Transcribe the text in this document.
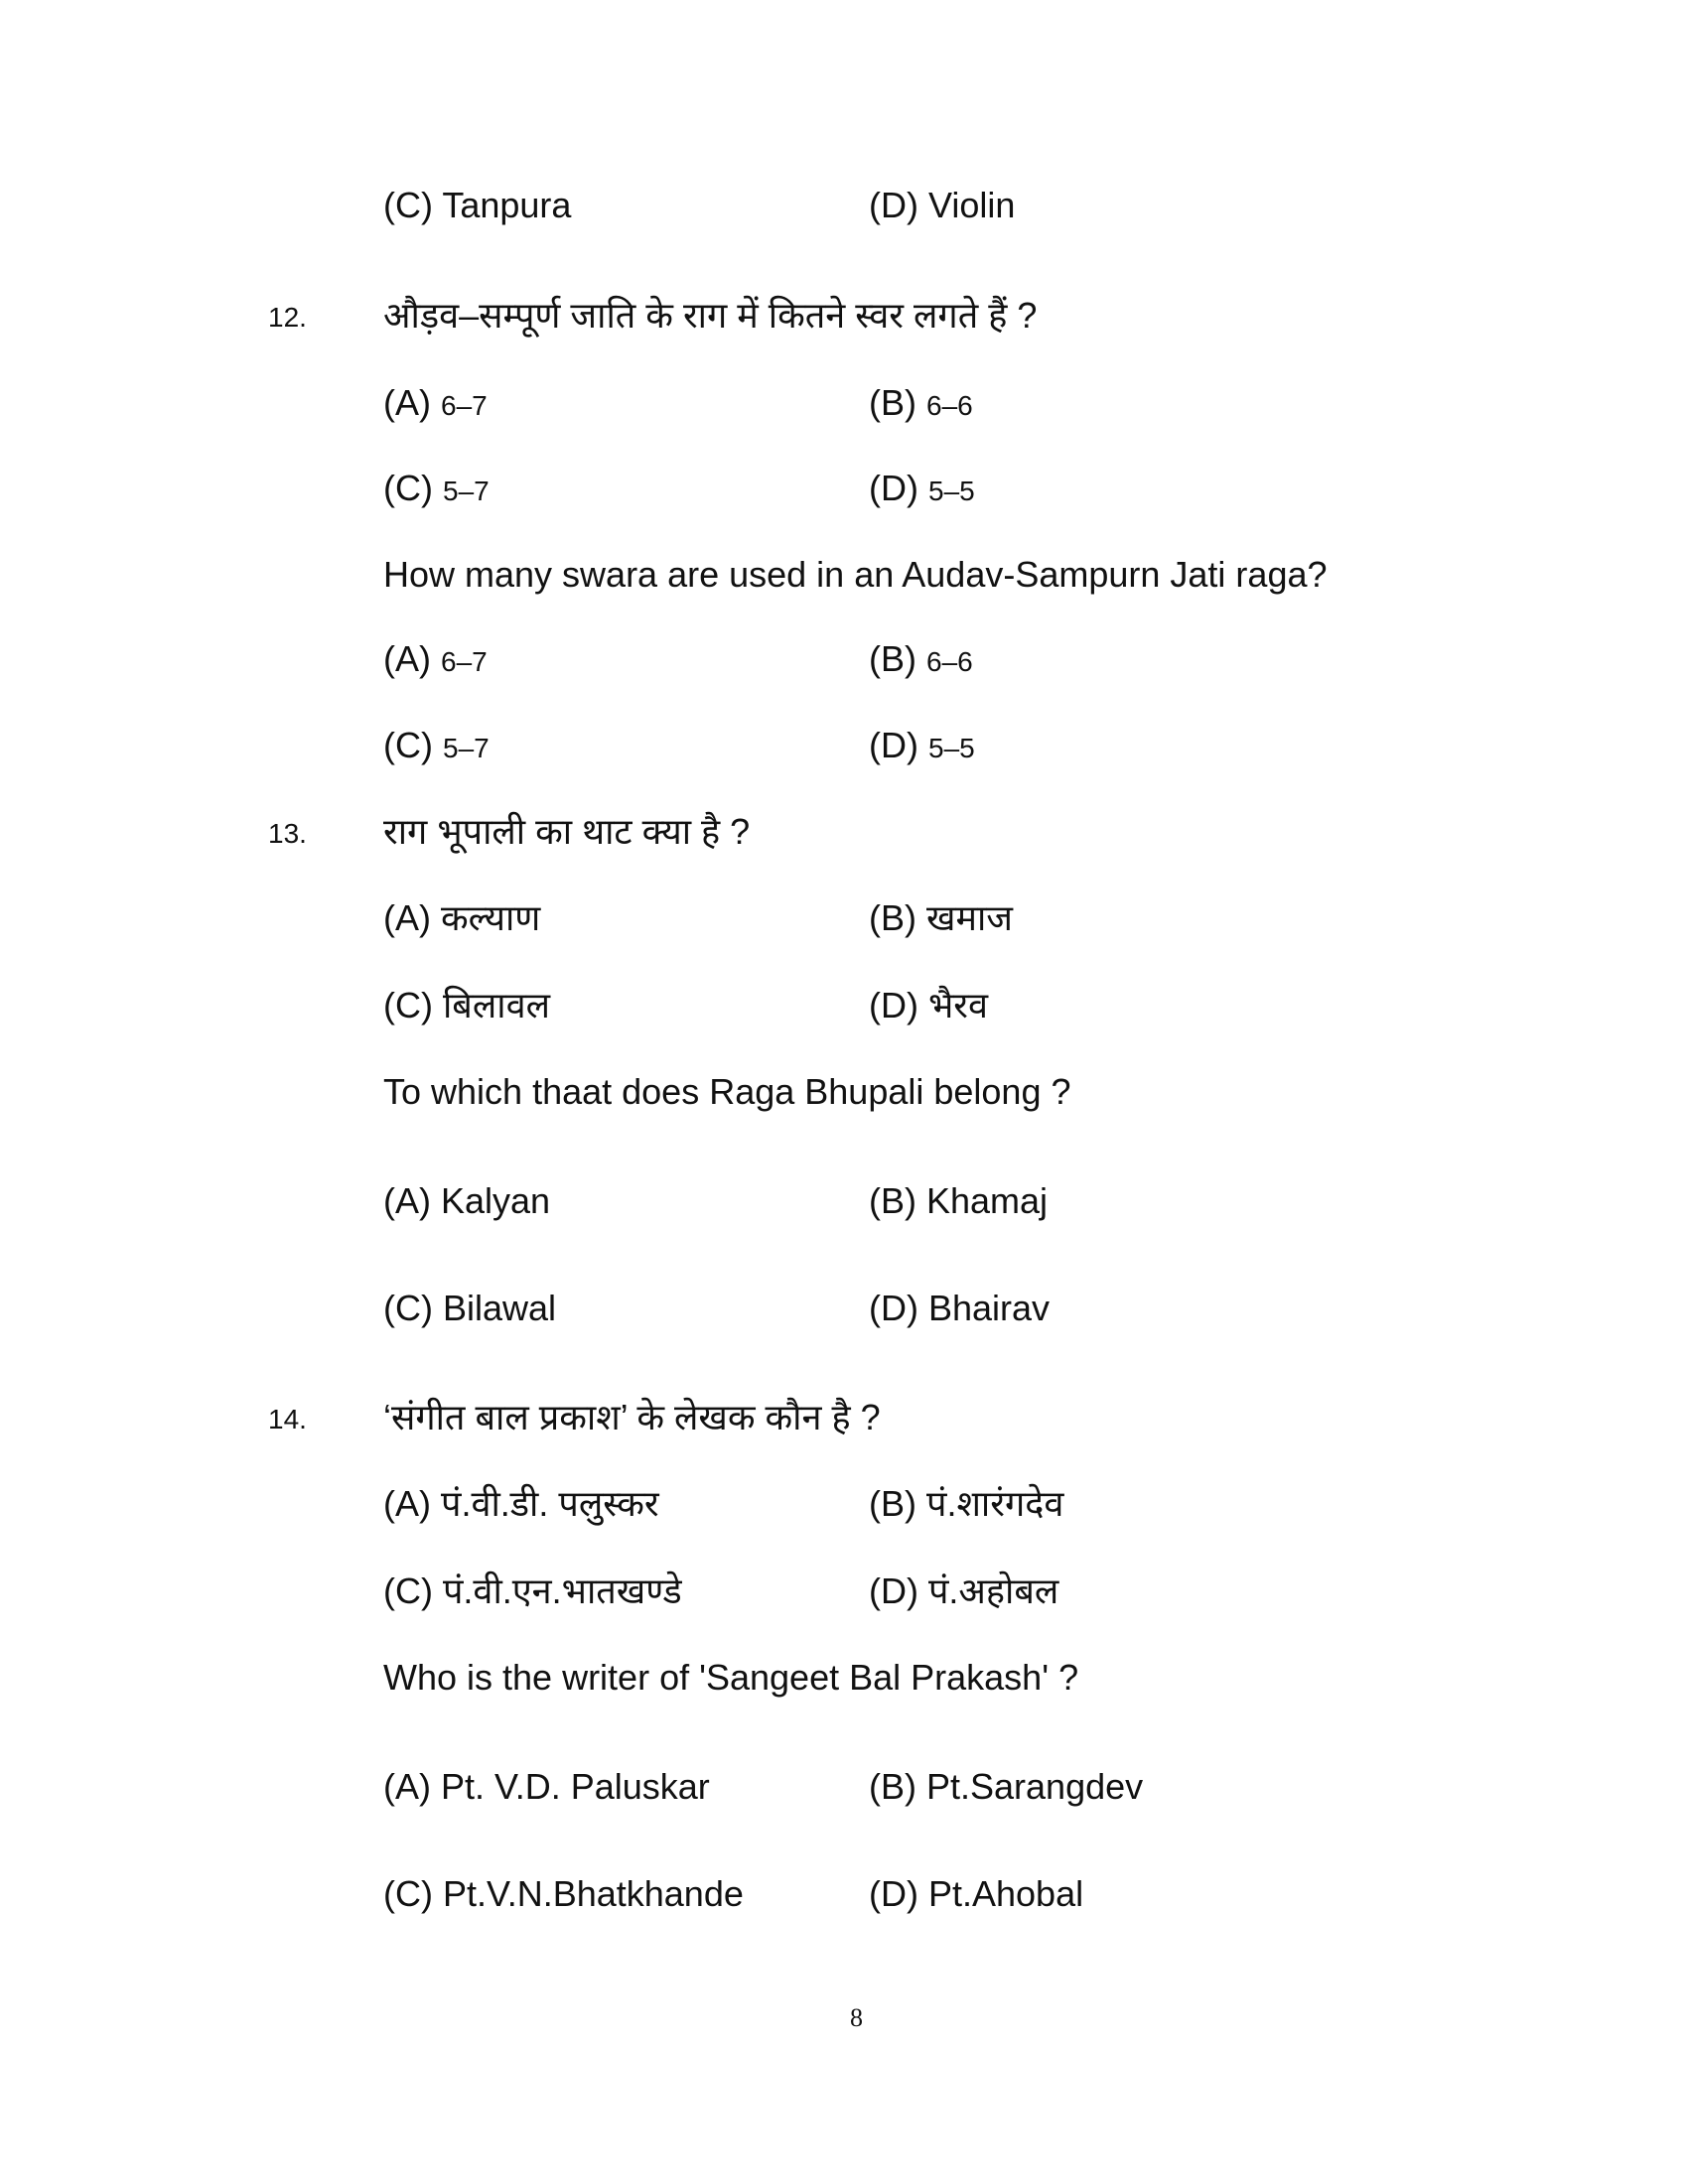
(C) Tanpura	(D) Violin
12. औड़व–सम्पूर्ण जाति के राग में कितने स्वर लगते हैं ?
(A) 6–7	(B) 6–6
(C) 5–7	(D) 5–5
How many swara are used in an Audav-Sampurn Jati raga?
(A) 6–7	(B) 6–6
(C) 5–7	(D) 5–5
13. राग भूपाली का थाट क्या है ?
(A) कल्याण	(B) खमाज
(C) बिलावल	(D) भैरव
To which thaat does Raga Bhupali belong ?
(A) Kalyan	(B) Khamaj
(C) Bilawal	(D) Bhairav
14. ‘संगीत बाल प्रकाश’ के लेखक कौन है ?
(A) पं.वी.डी. पलुस्कर	(B) पं.शारंगदेव
(C) पं.वी.एन.भातखण्डे	(D) पं.अहोबल
Who is the writer of 'Sangeet Bal Prakash' ?
(A) Pt. V.D. Paluskar	(B) Pt.Sarangdev
(C) Pt.V.N.Bhatkhande	(D) Pt.Ahobal
8
